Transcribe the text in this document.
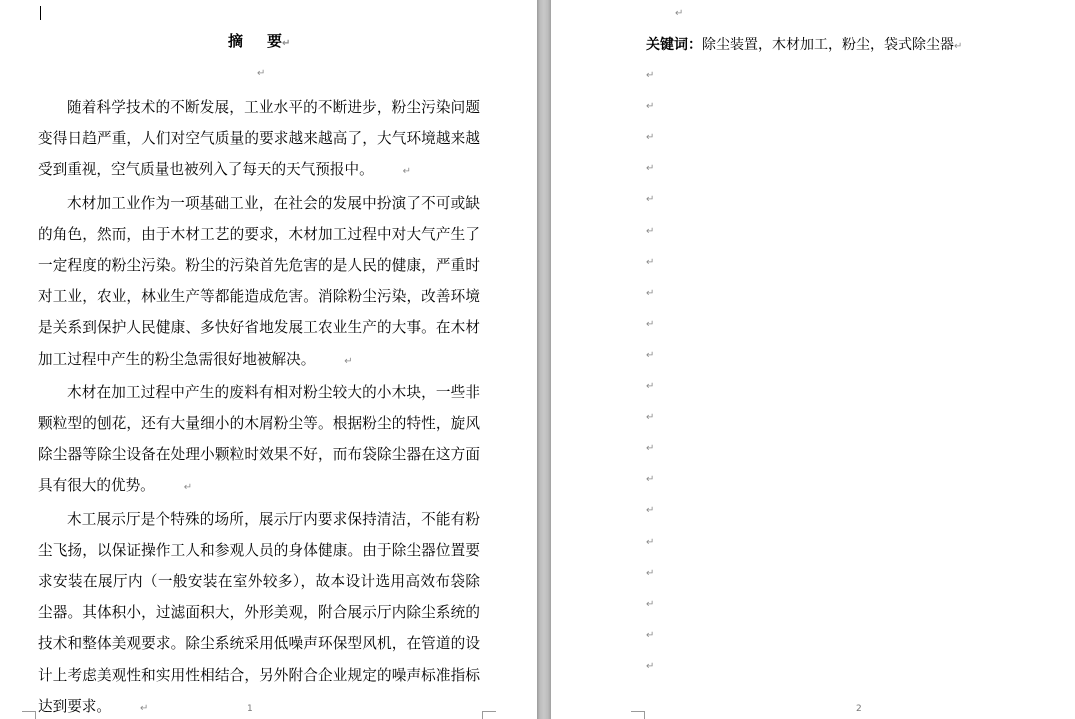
摘 要↵
↵

随着科学技术的不断发展，工业水平的不断进步，粉尘污染问题变得日趋严重，人们对空气质量的要求越来越高了，大气环境越来越受到重视，空气质量也被列入了每天的天气预报中。	↵

木材加工业作为一项基础工业，在社会的发展中扮演了不可或缺的角色，然而，由于木材工艺的要求，木材加工过程中对大气产生了一定程度的粉尘污染。粉尘的污染首先危害的是人民的健康，严重时对工业，农业，林业生产等都能造成危害。消除粉尘污染，改善环境是关系到保护人民健康、多快好省地发展工农业生产的大事。在木材加工过程中产生的粉尘急需很好地被解决。	↵

木材在加工过程中产生的废料有相对粉尘较大的小木块，一些非颗粒型的刨花，还有大量细小的木屑粉尘等。根据粉尘的特性，旋风除尘器等除尘设备在处理小颗粒时效果不好，而布袋除尘器在这方面具有很大的优势。	↵

木工展示厅是个特殊的场所，展示厅内要求保持清洁，不能有粉尘飞扬，以保证操作工人和参观人员的身体健康。由于除尘器位置要求安装在展厅内（一般安装在室外较多），故本设计选用高效布袋除尘器。其体积小，过滤面积大，外形美观，附合展示厅内除尘系统的技术和整体美观要求。除尘系统采用低噪声环保型风机，在管道的设计上考虑美观性和实用性相结合，另外附合企业规定的噪声标准指标达到要求。	↵	1
↵
关键词：除尘装置，木材加工，粉尘，袋式除尘器↵
↵
↵
↵
↵
↵
↵
↵
↵
↵
↵
↵
↵
↵
↵
↵
↵
↵
↵
↵
↵
2
